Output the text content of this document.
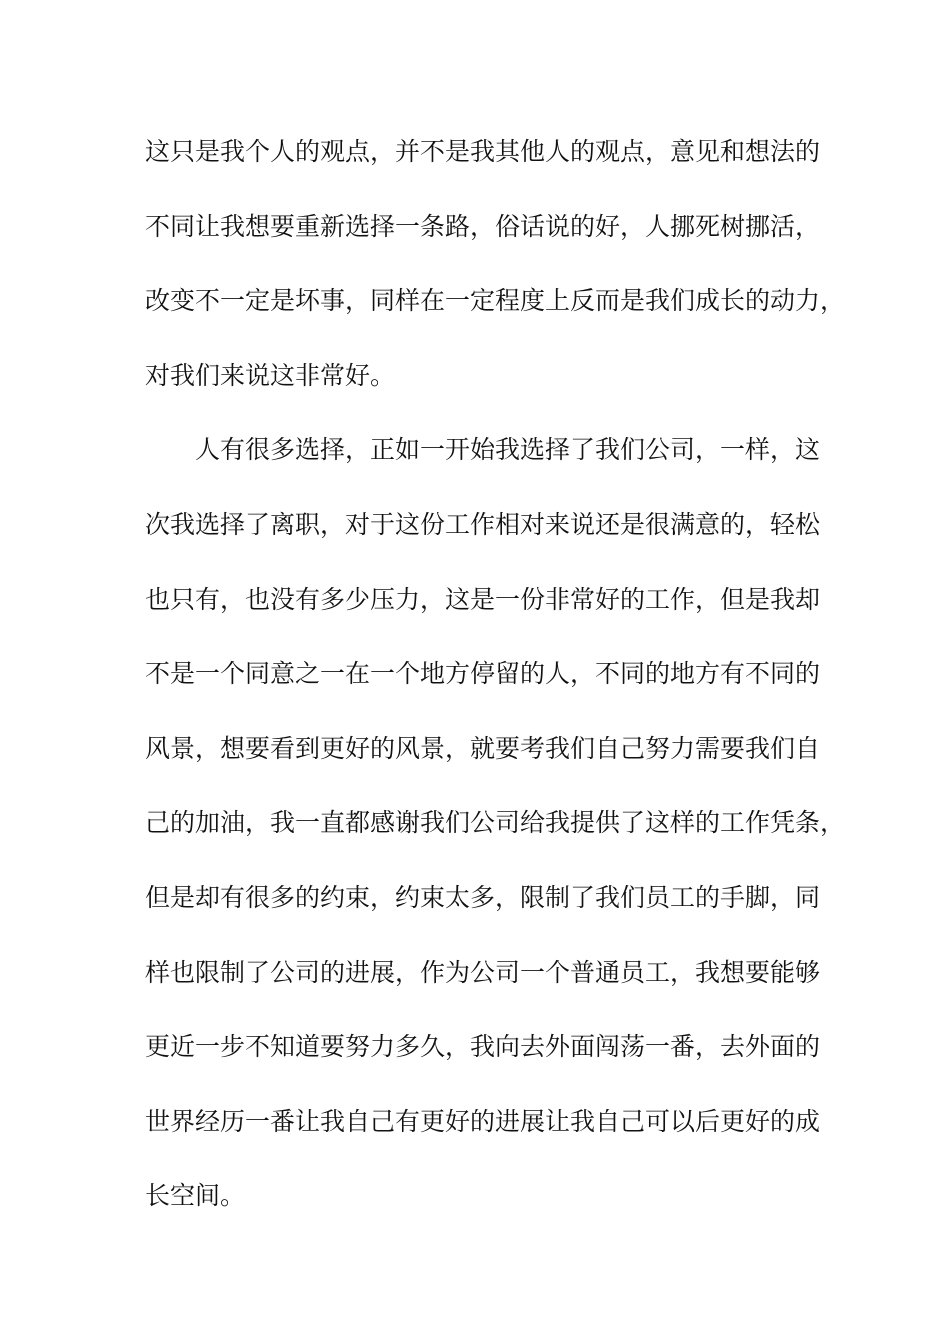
这只是我个人的观点，并不是我其他人的观点，意见和想法的
不同让我想要重新选择一条路，俗话说的好，人挪死树挪活，
改变不一定是坏事，同样在一定程度上反而是我们成长的动力，
对我们来说这非常好。
人有很多选择，正如一开始我选择了我们公司，一样，这
次我选择了离职，对于这份工作相对来说还是很满意的，轻松
也只有，也没有多少压力，这是一份非常好的工作，但是我却
不是一个同意之一在一个地方停留的人，不同的地方有不同的
风景，想要看到更好的风景，就要考我们自己努力需要我们自
己的加油，我一直都感谢我们公司给我提供了这样的工作凭条，
但是却有很多的约束，约束太多，限制了我们员工的手脚，同
样也限制了公司的进展，作为公司一个普通员工，我想要能够
更近一步不知道要努力多久，我向去外面闯荡一番，去外面的
世界经历一番让我自己有更好的进展让我自己可以后更好的成
长空间。
